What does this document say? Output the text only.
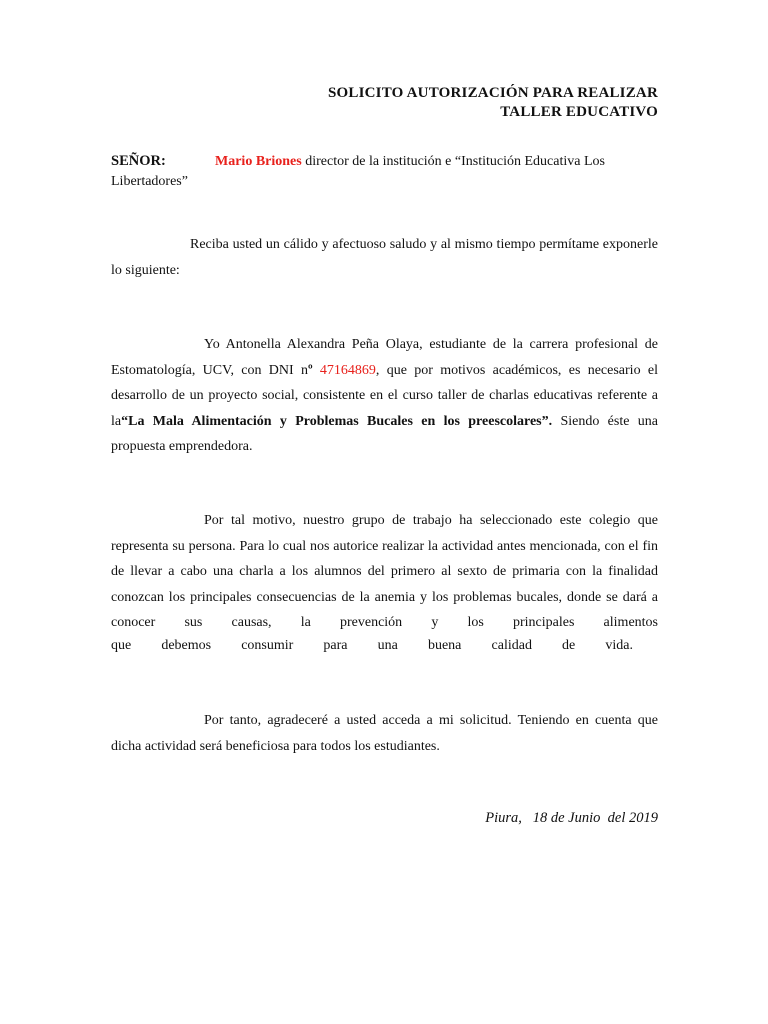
SOLICITO AUTORIZACIÓN PARA REALIZAR
TALLER EDUCATIVO
SEÑOR:	Mario Briones director de la institución e “Institución Educativa Los Libertadores”
Reciba usted un cálido y afectuoso saludo y al mismo tiempo permítame exponerle lo siguiente:
Yo Antonella Alexandra Peña Olaya, estudiante de la carrera profesional de Estomatología, UCV, con DNI nº 47164869, que por motivos académicos, es necesario el desarrollo de un proyecto social, consistente en el curso taller de charlas educativas referente a la“La Mala Alimentación y Problemas Bucales en los preescolares”. Siendo éste una propuesta emprendedora.
Por tal motivo, nuestro grupo de trabajo ha seleccionado este colegio que representa su persona. Para lo cual nos autorice realizar la actividad antes mencionada, con el fin de llevar a cabo una charla a los alumnos del primero al sexto de primaria con la finalidad conozcan los principales consecuencias de la anemia y los problemas bucales, donde se dará a conocer sus causas, la prevención y los principales alimentos
que debemos consumir para una buena calidad de vida.
Por tanto, agradeceré a usted acceda a mi solicitud. Teniendo en cuenta que dicha actividad será beneficiosa para todos los estudiantes.
Piura,   18 de Junio  del 2019
